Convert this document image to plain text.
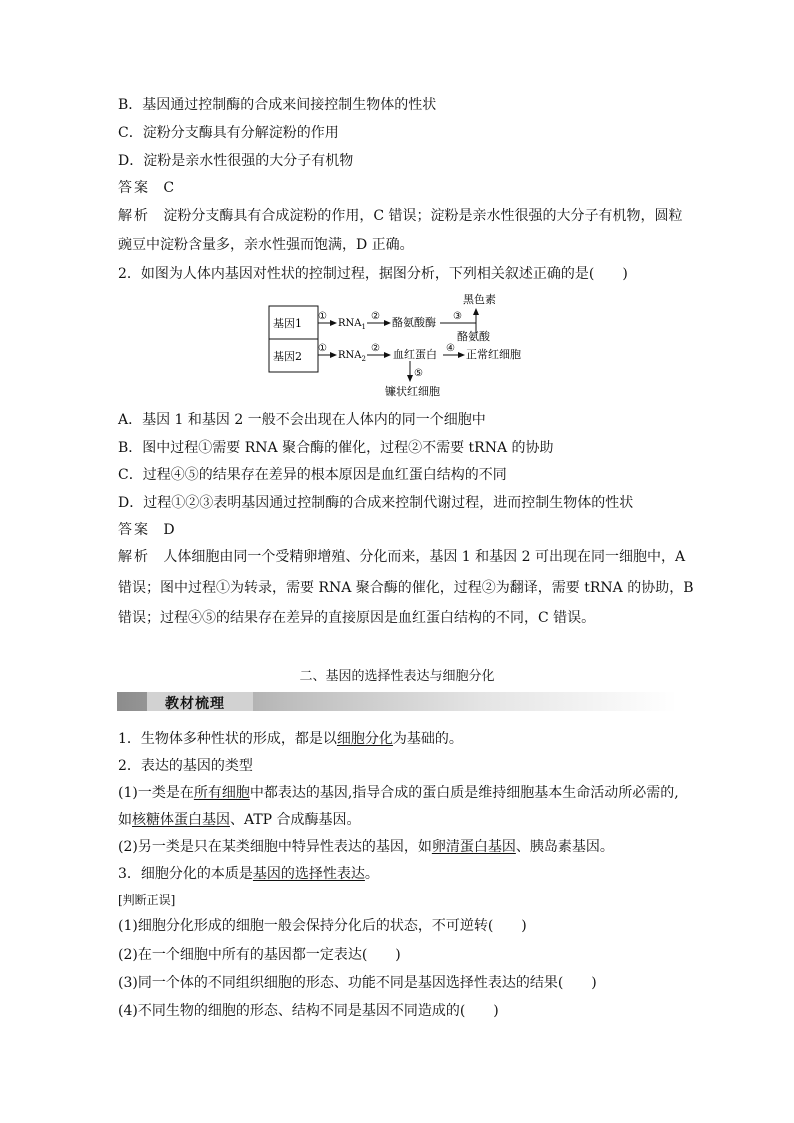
B．基因通过控制酶的合成来间接控制生物体的性状
C．淀粉分支酶具有分解淀粉的作用
D．淀粉是亲水性很强的大分子有机物
答案 C
解析 淀粉分支酶具有合成淀粉的作用，C 错误；淀粉是亲水性很强的大分子有机物，圆粒
豌豆中淀粉含量多，亲水性强而饱满，D 正确。
2．如图为人体内基因对性状的控制过程，据图分析，下列相关叙述正确的是(　　)
基因1
基因2
①
$RNA_1$
② 酪氨酸酶 ③
黑色素
酪氨酸
①
$RNA_2$
② 血红蛋白 ④ 正常红细胞
⑤
镰状红细胞
A．基因 1 和基因 2 一般不会出现在人体内的同一个细胞中
B．图中过程①需要 RNA 聚合酶的催化，过程②不需要 tRNA 的协助
C．过程④⑤的结果存在差异的根本原因是血红蛋白结构的不同
D．过程①②③表明基因通过控制酶的合成来控制代谢过程，进而控制生物体的性状
答案 D
解析 人体细胞由同一个受精卵增殖、分化而来，基因 1 和基因 2 可出现在同一细胞中，A
错误；图中过程①为转录，需要 RNA 聚合酶的催化，过程②为翻译，需要 tRNA 的协助，B
错误；过程④⑤的结果存在差异的直接原因是血红蛋白结构的不同，C 错误。
二、基因的选择性表达与细胞分化
教材梳理
1．生物体多种性状的形成，都是以细胞分化为基础的。
2．表达的基因的类型
(1)一类是在所有细胞中都表达的基因,指导合成的蛋白质是维持细胞基本生命活动所必需的,
如核糖体蛋白基因、ATP 合成酶基因。
(2)另一类是只在某类细胞中特异性表达的基因，如卵清蛋白基因、胰岛素基因。
3．细胞分化的本质是基因的选择性表达。
[判断正误]
(1)细胞分化形成的细胞一般会保持分化后的状态，不可逆转(　　)
(2)在一个细胞中所有的基因都一定表达(　　)
(3)同一个体的不同组织细胞的形态、功能不同是基因选择性表达的结果(　　)
(4)不同生物的细胞的形态、结构不同是基因不同造成的(　　)
